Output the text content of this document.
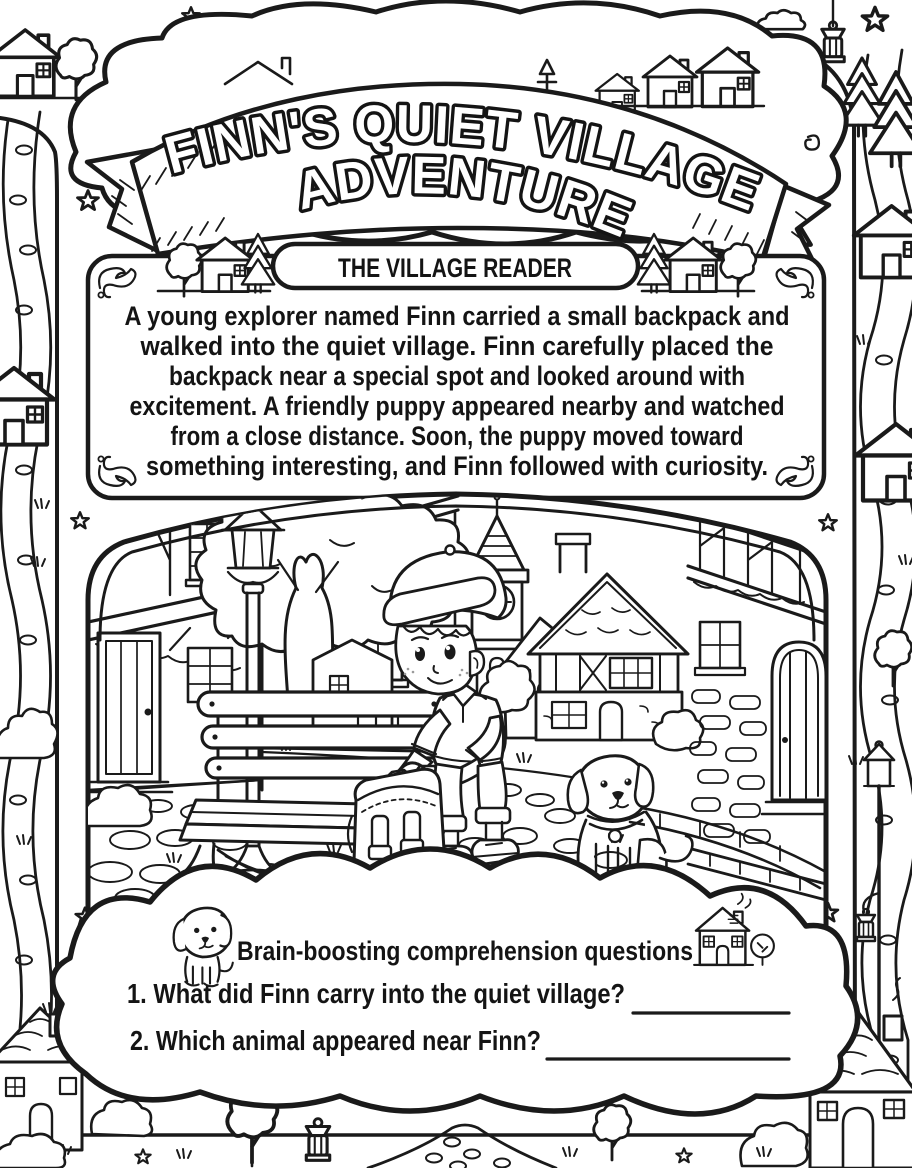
FINN'S QUIET VILLAGE
ADVENTURE
THE VILLAGE READER
A young explorer named Finn carried a small backpack and
walked into the quiet village. Finn carefully placed the
backpack near a special spot and looked around with
excitement. A friendly puppy appeared nearby and watched
from a close distance. Soon, the puppy moved toward
something interesting, and Finn followed with curiosity.
Brain-boosting comprehension questions
1. What did Finn carry into the quiet village?
2. Which animal appeared near Finn?
